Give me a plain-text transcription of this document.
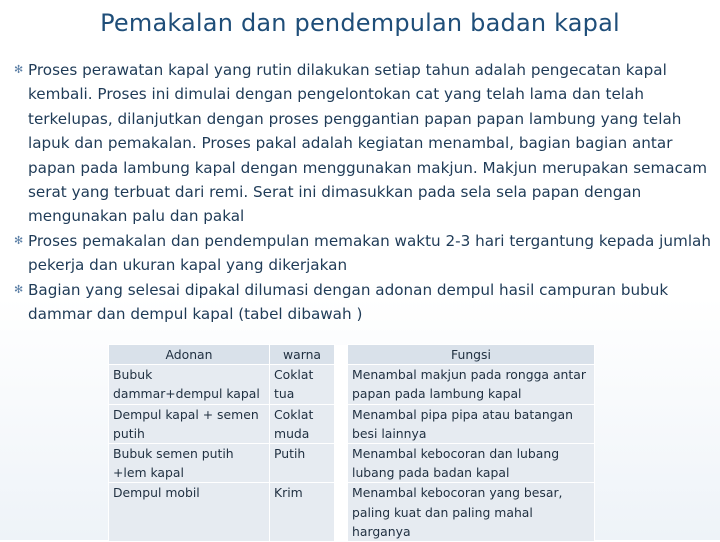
Pemakalan dan pendempulan badan kapal
✻ Proses perawatan kapal yang rutin dilakukan setiap tahun adalah pengecatan kapal kembali. Proses ini dimulai dengan pengelontokan cat yang telah lama dan telah terkelupas, dilanjutkan dengan proses penggantian papan papan lambung yang telah lapuk dan pemakalan. Proses pakal adalah kegiatan menambal, bagian bagian antar papan pada lambung kapal dengan menggunakan makjun. Makjun merupakan semacam serat yang terbuat dari remi. Serat ini dimasukkan pada sela sela papan dengan mengunakan palu dan pakal
✻ Proses pemakalan dan pendempulan memakan waktu 2-3 hari tergantung kepada jumlah pekerja dan ukuran kapal yang dikerjakan
✻ Bagian yang selesai dipakal dilumasi dengan adonan dempul hasil campuran bubuk dammar dan dempul kapal (tabel dibawah )
Adonan	warna		Fungsi
Bubuk dammar+dempul kapal	Coklat tua		Menambal makjun pada rongga antar papan pada lambung kapal
Dempul kapal + semen putih	Coklat muda		Menambal pipa pipa atau batangan besi lainnya
Bubuk semen putih +lem kapal	Putih		Menambal kebocoran dan lubang lubang pada badan kapal
Dempul mobil	Krim		Menambal kebocoran yang besar, paling kuat dan paling mahal harganya
